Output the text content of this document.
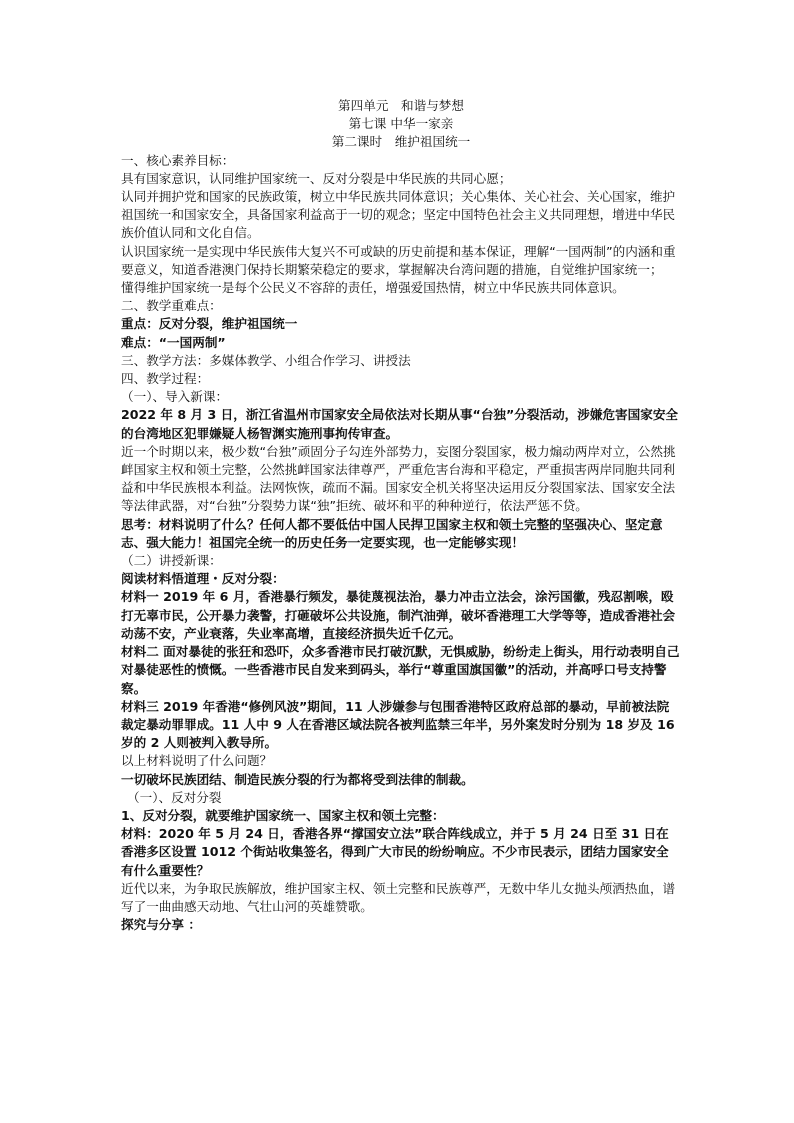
第四单元　和谐与梦想

第七课 中华一家亲

第二课时　维护祖国统一

一、核心素养目标：

具有国家意识，认同维护国家统一、反对分裂是中华民族的共同心愿；

认同并拥护党和国家的民族政策，树立中华民族共同体意识；关心集体、关心社会、关心国家，维护祖国统一和国家安全，具备国家利益高于一切的观念；坚定中国特色社会主义共同理想，增进中华民族价值认同和文化自信。

认识国家统一是实现中华民族伟大复兴不可或缺的历史前提和基本保证，理解“一国两制”的内涵和重要意义，知道香港澳门保持长期繁荣稳定的要求，掌握解决台湾问题的措施，自觉维护国家统一；

懂得维护国家统一是每个公民义不容辞的责任，增强爱国热情，树立中华民族共同体意识。

二、教学重难点：

重点：反对分裂，维护祖国统一

难点：“一国两制”

三、教学方法：多媒体教学、小组合作学习、讲授法

四、教学过程：

（一）、导入新课：

2022 年 8 月 3 日，浙江省温州市国家安全局依法对长期从事“台独”分裂活动，涉嫌危害国家安全的台湾地区犯罪嫌疑人杨智渊实施刑事拘传审查。

近一个时期以来，极少数“台独”顽固分子勾连外部势力，妄图分裂国家，极力煽动两岸对立，公然挑衅国家主权和领土完整，公然挑衅国家法律尊严，严重危害台海和平稳定，严重损害两岸同胞共同利益和中华民族根本利益。法网恢恢，疏而不漏。国家安全机关将坚决运用反分裂国家法、国家安全法等法律武器，对“台独”分裂势力谋“独”拒统、破坏和平的种种逆行，依法严惩不贷。

思考：材料说明了什么？任何人都不要低估中国人民捍卫国家主权和领土完整的坚强决心、坚定意志、强大能力！祖国完全统一的历史任务一定要实现，也一定能够实现！

（二）讲授新课：

阅读材料悟道理・反对分裂：

材料一 2019 年 6 月，香港暴行频发，暴徒蔑视法治，暴力冲击立法会，涂污国徽，残忍割喉，殴打无辜市民，公开暴力袭警，打砸破坏公共设施，制汽油弹，破坏香港理工大学等等，造成香港社会动荡不安，产业衰落，失业率高增，直接经济损失近千亿元。

材料二 面对暴徒的张狂和恐吓，众多香港市民打破沉默，无惧威胁，纷纷走上街头，用行动表明自己对暴徒恶性的愤慨。一些香港市民自发来到码头，举行“尊重国旗国徽”的活动，并高呼口号支持警察。

材料三 2019 年香港“修例风波”期间，11 人涉嫌参与包围香港特区政府总部的暴动，早前被法院裁定暴动罪罪成。11 人中 9 人在香港区域法院各被判监禁三年半，另外案发时分别为 18 岁及 16 岁的 2 人则被判入教导所。

以上材料说明了什么问题？

一切破坏民族团结、制造民族分裂的行为都将受到法律的制裁。

（一）、反对分裂

1、反对分裂，就要维护国家统一、国家主权和领土完整：

材料：2020 年 5 月 24 日，香港各界“撑国安立法”联合阵线成立，并于 5 月 24 日至 31 日在香港多区设置 1012 个街站收集签名，得到广大市民的纷纷响应。不少市民表示，团结力国家安全有什么重要性？

近代以来，为争取民族解放，维护国家主权、领土完整和民族尊严，无数中华儿女抛头颅洒热血，谱写了一曲曲感天动地、气壮山河的英雄赞歌。

探究与分享 ：
